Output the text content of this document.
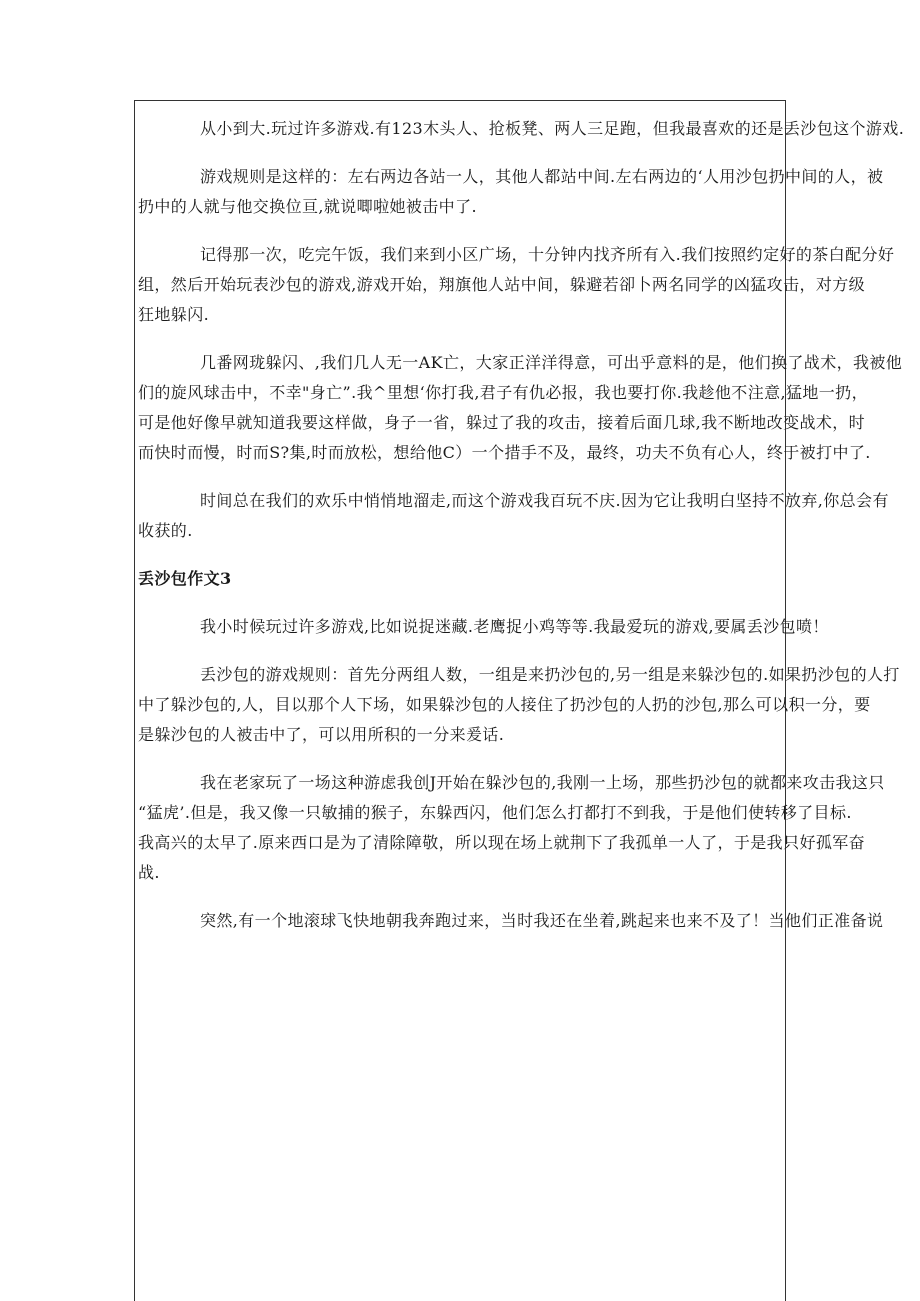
从小到大.玩过许多游戏.有123木头人、抢板凳、两人三足跑，但我最喜欢的还是丢沙包这个游戏.

游戏规则是这样的：左右两边各站一人，其他人都站中间.左右两边的‘人用沙包扔中间的人，被
扔中的人就与他交换位亘,就说唧啦她被击中了.

记得那一次，吃完午饭，我们来到小区广场，十分钟内找齐所有入.我们按照约定好的茶白配分好
组，然后开始玩表沙包的游戏,游戏开始，翔旗他人站中间，躲避若卻卜两名同学的凶猛攻击，对方级
狂地躲闪.

几番网珑躲闪、,我们几人无一AK亡，大家正洋洋得意，可出乎意料的是，他们换了战术，我被他
们的旋风球击中，不幸"身亡”.我^里想‘你打我,君子有仇必报，我也要打你.我趁他不注意,猛地一扔，
可是他好像早就知道我要这样做，身子一省，躲过了我的攻击，接着后面几球,我不断地改变战术，时
而快时而慢，时而S?集,时而放松，想给他C）一个措手不及，最终，功夫不负有心人，终于被打中了.

时间总在我们的欢乐中悄悄地溜走,而这个游戏我百玩不庆.因为它让我明白坚持不放弃,你总会有
收获的.

丢沙包作文3

我小时候玩过许多游戏,比如说捉迷藏.老鹰捉小鸡等等.我最爱玩的游戏,要属丢沙包喷！

丢沙包的游戏规则：首先分两组人数，一组是来扔沙包的,另一组是来躲沙包的.如果扔沙包的人打
中了躲沙包的,人，目以那个人下场，如果躲沙包的人接住了扔沙包的人扔的沙包,那么可以积一分，要
是躲沙包的人被击中了，可以用所积的一分来爰话.

我在老家玩了一场这种游虑我创J开始在躲沙包的,我刚一上场，那些扔沙包的就都来攻击我这只
“猛虎’.但是，我又像一只敏捕的猴子，东躲西闪，他们怎么打都打不到我，于是他们使转移了目标.
我高兴的太早了.原来西口是为了清除障敬，所以现在场上就荆下了我孤单一人了，于是我只好孤军奋
战.

突然,有一个地滚球飞快地朝我奔跑过来，当时我还在坐着,跳起来也来不及了！当他们正准备说
